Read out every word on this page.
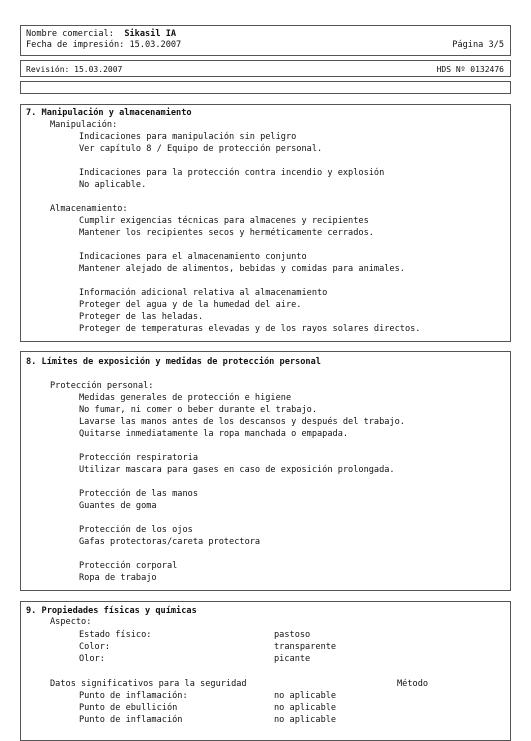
Nombre comercial: Sikasil IA
Fecha de impresión: 15.03.2007	Página 3/5
Revisión: 15.03.2007	HDS Nº 0132476
7. Manipulación y almacenamiento
Manipulación:
Indicaciones para manipulación sin peligro
Ver capítulo 8 / Equipo de protección personal.
Indicaciones para la protección contra incendio y explosión
No aplicable.
Almacenamiento:
Cumplir exigencias técnicas para almacenes y recipientes
Mantener los recipientes secos y herméticamente cerrados.
Indicaciones para el almacenamiento conjunto
Mantener alejado de alimentos, bebidas y comidas para animales.
Información adicional relativa al almacenamiento
Proteger del agua y de la humedad del aire.
Proteger de las heladas.
Proteger de temperaturas elevadas y de los rayos solares directos.
8. Límites de exposición y medidas de protección personal
Protección personal:
Medidas generales de protección e higiene
No fumar, ni comer o beber durante el trabajo.
Lavarse las manos antes de los descansos y después del trabajo.
Quitarse inmediatamente la ropa manchada o empapada.
Protección respiratoria
Utilizar mascara para gases en caso de exposición prolongada.
Protección de las manos
Guantes de goma
Protección de los ojos
Gafas protectoras/careta protectora
Protección corporal
Ropa de trabajo
9. Propiedades físicas y químicas
Aspecto:
Estado físico:	pastoso
Color:	transparente
Olor:	picante
Datos significativos para la seguridad	Método
Punto de inflamación:	no aplicable
Punto de ebullición	no aplicable
Punto de inflamación	no aplicable
